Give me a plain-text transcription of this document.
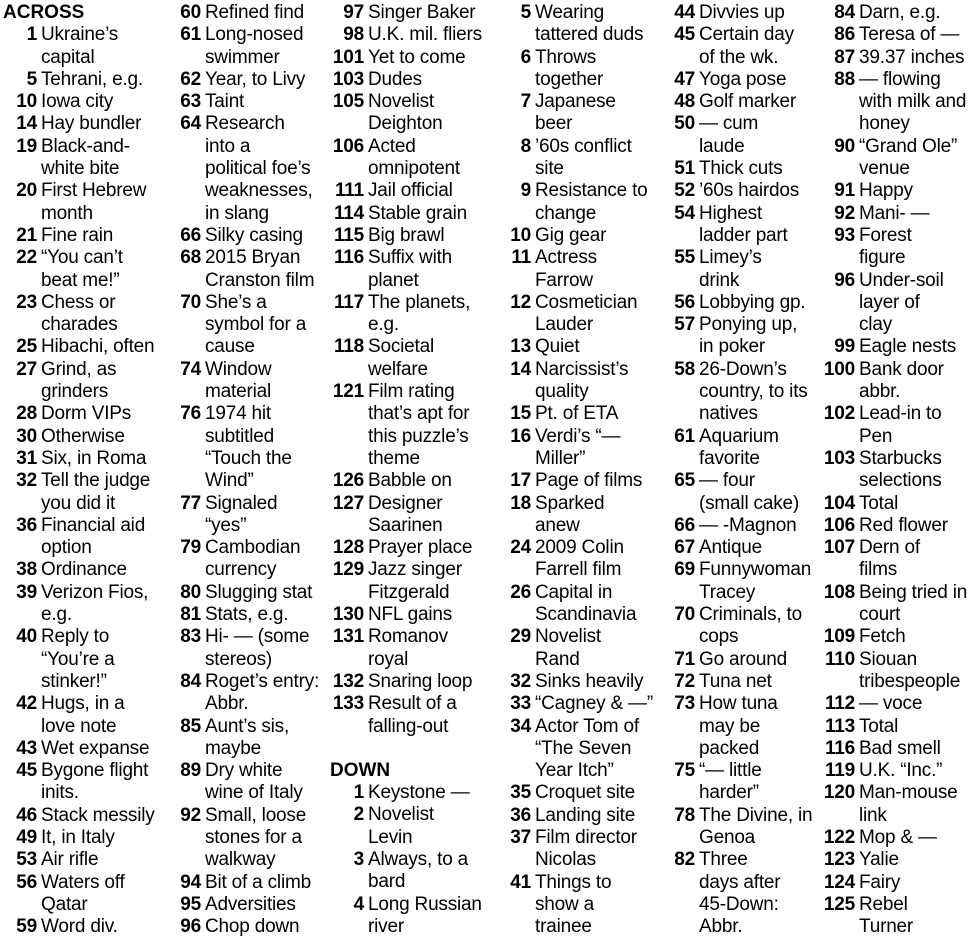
ACROSS
1 Ukraine’s
capital
5 Tehrani, e.g.
10 Iowa city
14 Hay bundler
19 Black-and-
white bite
20 First Hebrew
month
21 Fine rain
22 “You can’t
beat me!”
23 Chess or
charades
25 Hibachi, often
27 Grind, as
grinders
28 Dorm VIPs
30 Otherwise
31 Six, in Roma
32 Tell the judge
you did it
36 Financial aid
option
38 Ordinance
39 Verizon Fios,
e.g.
40 Reply to
“You’re a
stinker!”
42 Hugs, in a
love note
43 Wet expanse
45 Bygone flight
inits.
46 Stack messily
49 It, in Italy
53 Air rifle
56 Waters off
Qatar
59 Word div.
60 Refined find
61 Long-nosed
swimmer
62 Year, to Livy
63 Taint
64 Research
into a
political foe’s
weaknesses,
in slang
66 Silky casing
68 2015 Bryan
Cranston film
70 She’s a
symbol for a
cause
74 Window
material
76 1974 hit
subtitled
“Touch the
Wind”
77 Signaled
“yes”
79 Cambodian
currency
80 Slugging stat
81 Stats, e.g.
83 Hi- — (some
stereos)
84 Roget’s entry:
Abbr.
85 Aunt’s sis,
maybe
89 Dry white
wine of Italy
92 Small, loose
stones for a
walkway
94 Bit of a climb
95 Adversities
96 Chop down
97 Singer Baker
98 U.K. mil. fliers
101 Yet to come
103 Dudes
105 Novelist
Deighton
106 Acted
omnipotent
111 Jail official
114 Stable grain
115 Big brawl
116 Suffix with
planet
117 The planets,
e.g.
118 Societal
welfare
121 Film rating
that’s apt for
this puzzle’s
theme
126 Babble on
127 Designer
Saarinen
128 Prayer place
129 Jazz singer
Fitzgerald
130 NFL gains
131 Romanov
royal
132 Snaring loop
133 Result of a
falling-out
DOWN
1 Keystone —
2 Novelist
Levin
3 Always, to a
bard
4 Long Russian
river
5 Wearing
tattered duds
6 Throws
together
7 Japanese
beer
8 ’60s conflict
site
9 Resistance to
change
10 Gig gear
11 Actress
Farrow
12 Cosmetician
Lauder
13 Quiet
14 Narcissist’s
quality
15 Pt. of ETA
16 Verdi’s “—
Miller”
17 Page of films
18 Sparked
anew
24 2009 Colin
Farrell film
26 Capital in
Scandinavia
29 Novelist
Rand
32 Sinks heavily
33 “Cagney & —”
34 Actor Tom of
“The Seven
Year Itch”
35 Croquet site
36 Landing site
37 Film director
Nicolas
41 Things to
show a
trainee
44 Divvies up
45 Certain day
of the wk.
47 Yoga pose
48 Golf marker
50 — cum
laude
51 Thick cuts
52 ’60s hairdos
54 Highest
ladder part
55 Limey’s
drink
56 Lobbying gp.
57 Ponying up,
in poker
58 26-Down’s
country, to its
natives
61 Aquarium
favorite
65 — four
(small cake)
66 — -Magnon
67 Antique
69 Funnywoman
Tracey
70 Criminals, to
cops
71 Go around
72 Tuna net
73 How tuna
may be
packed
75 “— little
harder”
78 The Divine, in
Genoa
82 Three
days after
45-Down:
Abbr.
84 Darn, e.g.
86 Teresa of —
87 39.37 inches
88 — flowing
with milk and
honey
90 “Grand Ole”
venue
91 Happy
92 Mani- —
93 Forest
figure
96 Under-soil
layer of
clay
99 Eagle nests
100 Bank door
abbr.
102 Lead-in to
Pen
103 Starbucks
selections
104 Total
106 Red flower
107 Dern of
films
108 Being tried in
court
109 Fetch
110 Siouan
tribespeople
112 — voce
113 Total
116 Bad smell
119 U.K. “Inc.”
120 Man-mouse
link
122 Mop & —
123 Yalie
124 Fairy
125 Rebel
Turner
